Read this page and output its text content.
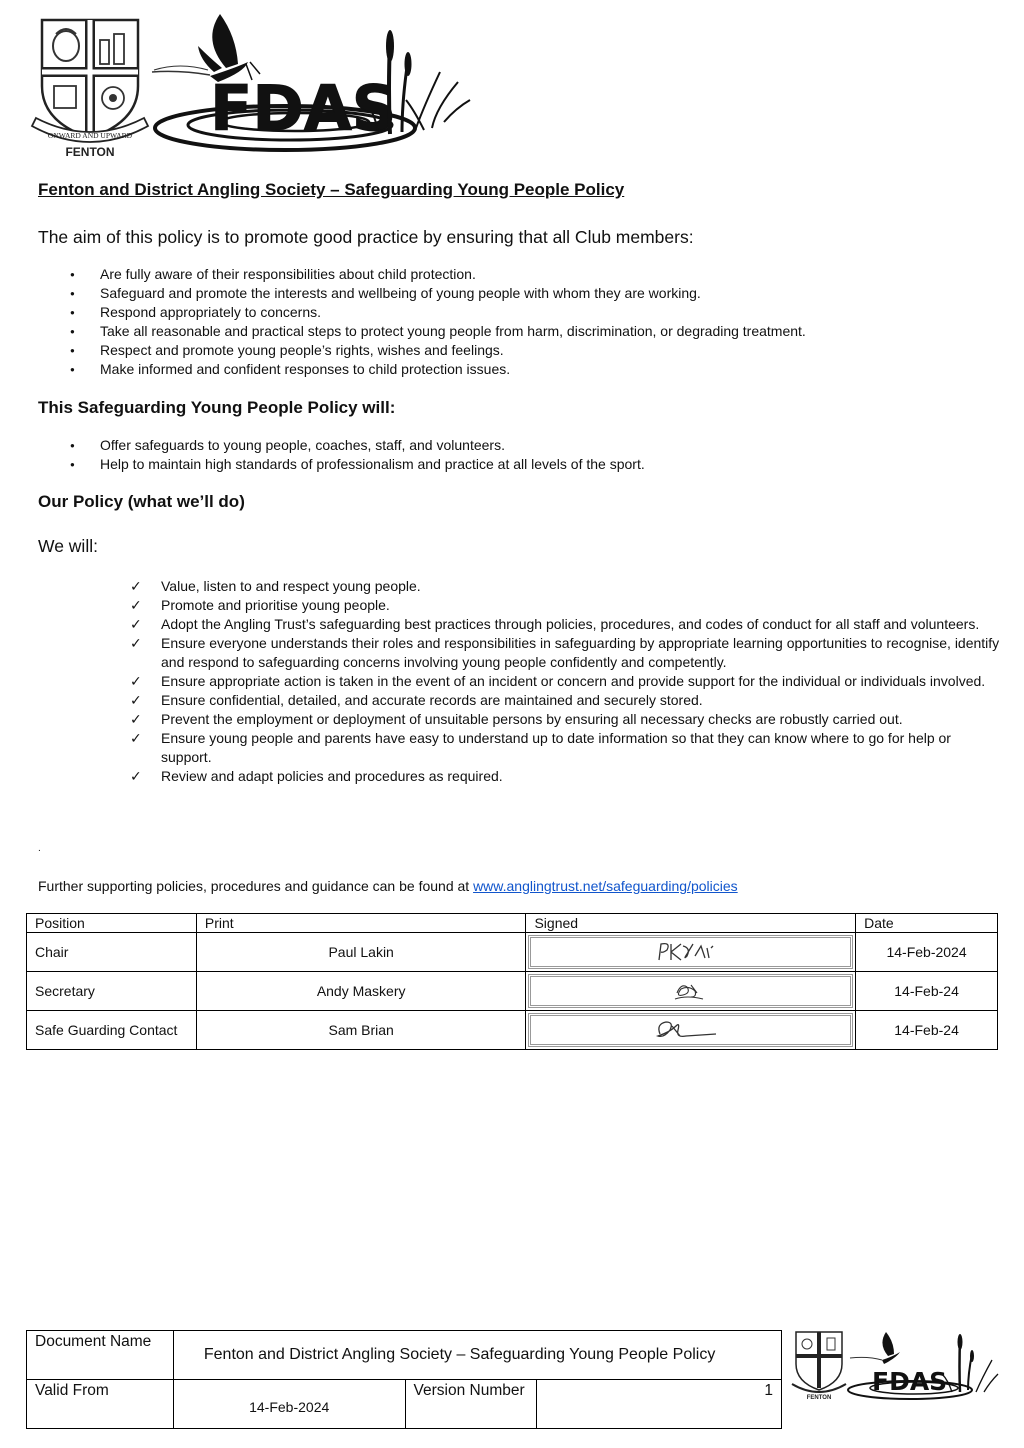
ONWARD AND UPWARD
FENTON
FDAS
Fenton and District Angling Society – Safeguarding Young People Policy
The aim of this policy is to promote good practice by ensuring that all Club members:
● Are fully aware of their responsibilities about child protection.
● Safeguard and promote the interests and wellbeing of young people with whom they are working.
● Respond appropriately to concerns.
● Take all reasonable and practical steps to protect young people from harm, discrimination, or degrading treatment.
● Respect and promote young people’s rights, wishes and feelings.
● Make informed and confident responses to child protection issues.
This Safeguarding Young People Policy will:
● Offer safeguards to young people, coaches, staff, and volunteers.
● Help to maintain high standards of professionalism and practice at all levels of the sport.
Our Policy (what we’ll do)
We will:
✓ Value, listen to and respect young people.
✓ Promote and prioritise young people.
✓ Adopt the Angling Trust’s safeguarding best practices through policies, procedures, and codes of conduct for all staff and volunteers.
✓ Ensure everyone understands their roles and responsibilities in safeguarding by appropriate learning opportunities to recognise, identify and respond to safeguarding concerns involving young people confidently and competently.
✓ Ensure appropriate action is taken in the event of an incident or concern and provide support for the individual or individuals involved.
✓ Ensure confidential, detailed, and accurate records are maintained and securely stored.
✓ Prevent the employment or deployment of unsuitable persons by ensuring all necessary checks are robustly carried out.
✓ Ensure young people and parents have easy to understand up to date information so that they can know where to go for help or support.
✓ Review and adapt policies and procedures as required.
.
Further supporting policies, procedures and guidance can be found at www.anglingtrust.net/safeguarding/policies
Position	Print	Signed	Date
Chair	Paul Lakin		14-Feb-2024
Secretary	Andy Maskery		14-Feb-24
Safe Guarding Contact	Sam Brian		14-Feb-24
Document Name	Fenton and District Angling Society – Safeguarding Young People Policy		
Valid From	14-Feb-2024	Version Number	1	FENTON
FDAS
